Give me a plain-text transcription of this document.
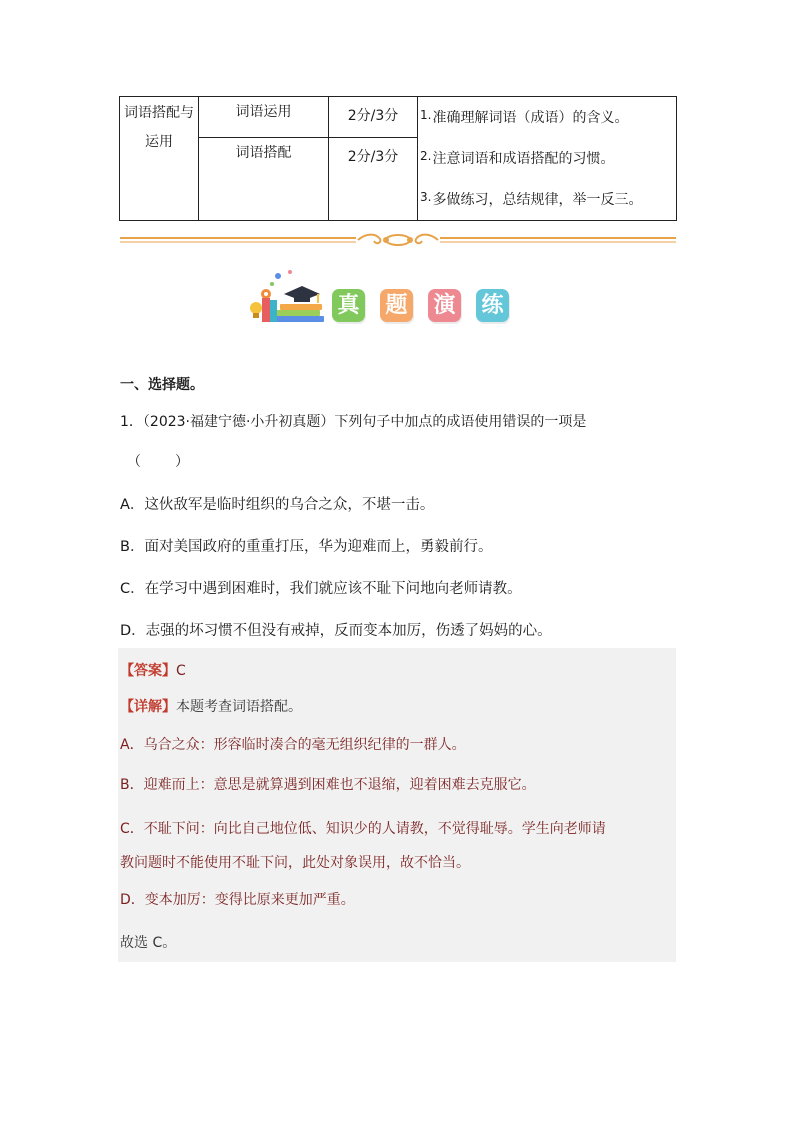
词语搭配与运用	词语运用	2分/3分	1.准确理解词语（成语）的含义。
2.注意词语和成语搭配的习惯。
3.多做练习，总结规律，举一反三。

	词语搭配	2分/3分	
真 题 演 练
一、选择题。
1．（2023·福建宁德·小升初真题）下列句子中加点的成语使用错误的一项是
（　　）
A．这伙敌军是临时组织的乌合之众，不堪一击。
B．面对美国政府的重重打压，华为迎难而上，勇毅前行。
C．在学习中遇到困难时，我们就应该不耻下问地向老师请教。
D．志强的坏习惯不但没有戒掉，反而变本加厉，伤透了妈妈的心。
【答案】C
【详解】本题考查词语搭配。
A．乌合之众：形容临时凑合的毫无组织纪律的一群人。
B．迎难而上：意思是就算遇到困难也不退缩，迎着困难去克服它。
C．不耻下问：向比自己地位低、知识少的人请教，不觉得耻辱。学生向老师请
教问题时不能使用不耻下问，此处对象误用，故不恰当。
D．变本加厉：变得比原来更加严重。
故选 C。
